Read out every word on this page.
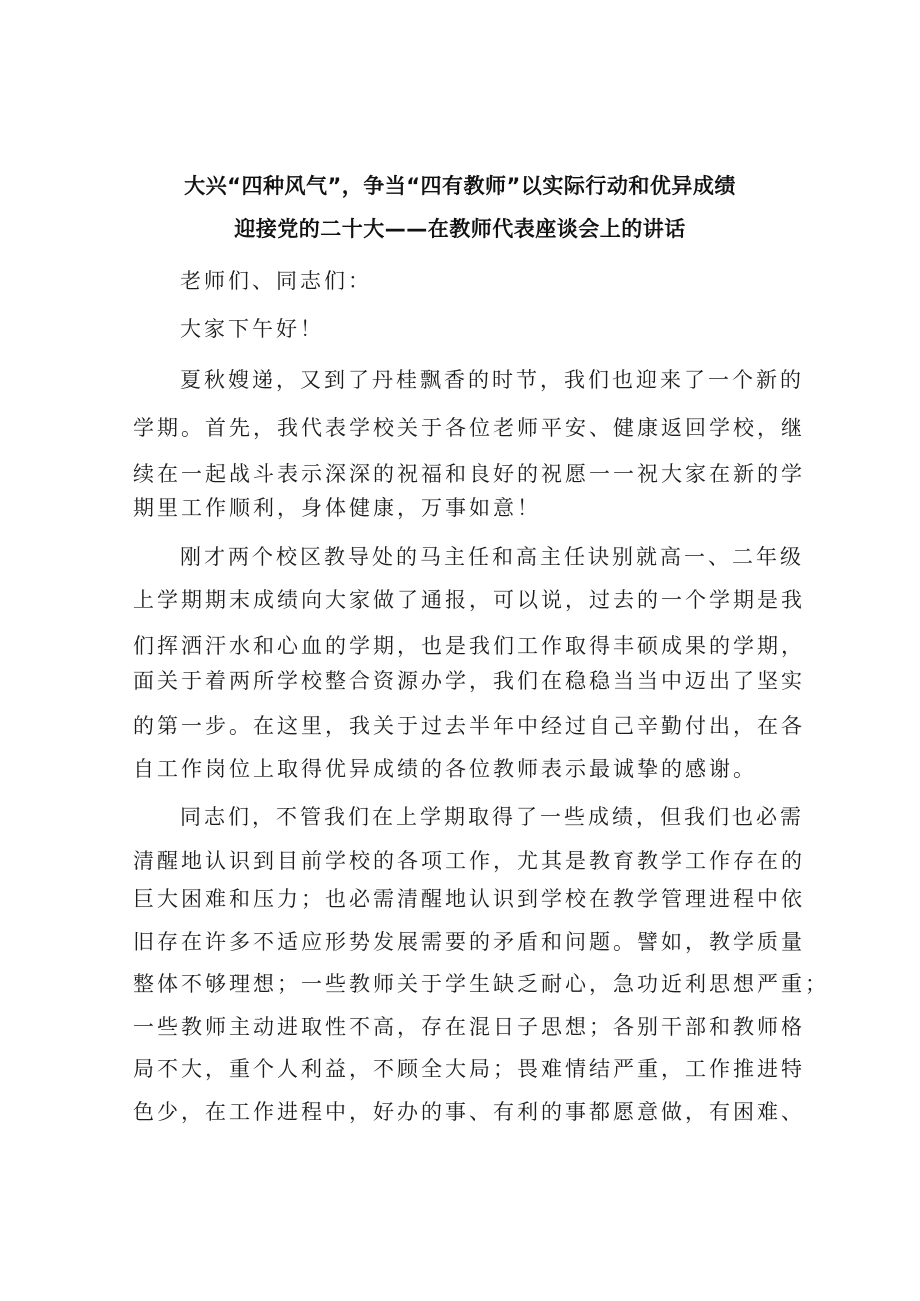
大兴“四种风气”，争当“四有教师”以实际行动和优异成绩
迎接党的二十大——在教师代表座谈会上的讲话
老师们、同志们：
大家下午好！
夏秋嫂递，又到了丹桂飘香的时节，我们也迎来了一个新的
学期。首先，我代表学校关于各位老师平安、健康返回学校，继
续在一起战斗表示深深的祝福和良好的祝愿一一祝大家在新的学
期里工作顺利，身体健康，万事如意！
刚才两个校区教导处的马主任和高主任诀别就高一、二年级
上学期期末成绩向大家做了通报，可以说，过去的一个学期是我
们挥洒汗水和心血的学期，也是我们工作取得丰硕成果的学期，
面关于着两所学校整合资源办学，我们在稳稳当当中迈出了坚实
的第一步。在这里，我关于过去半年中经过自己辛勤付出，在各
自工作岗位上取得优异成绩的各位教师表示最诚挚的感谢。
同志们，不管我们在上学期取得了一些成绩，但我们也必需
清醒地认识到目前学校的各项工作，尤其是教育教学工作存在的
巨大困难和压力；也必需清醒地认识到学校在教学管理进程中依
旧存在许多不适应形势发展需要的矛盾和问题。譬如，教学质量
整体不够理想；一些教师关于学生缺乏耐心，急功近利思想严重；
一些教师主动进取性不高，存在混日子思想；各别干部和教师格
局不大，重个人利益，不顾全大局；畏难情结严重，工作推进特
色少，在工作进程中，好办的事、有利的事都愿意做，有困难、
